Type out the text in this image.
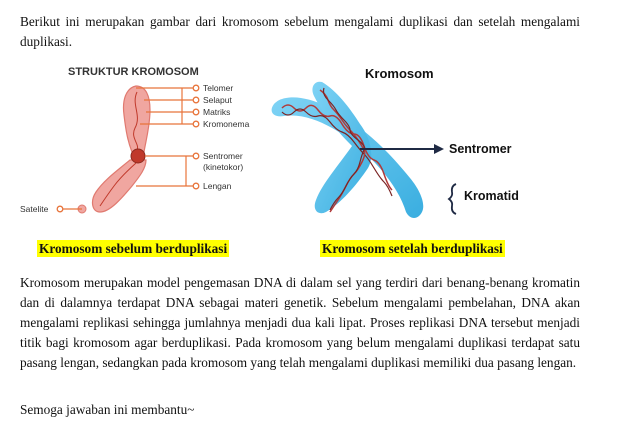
Berikut ini merupakan gambar dari kromosom sebelum mengalami duplikasi dan setelah mengalami duplikasi.

STRUKTUR KROMOSOM
Telomer
Selaput
Matriks
Kromonema
Sentromer
(kinetokor)
Lengan
Satelite
Kromosom
Sentromer
Kromatid
Kromosom sebelum berduplikasi	Kromosom setelah berduplikasi

Kromosom merupakan model pengemasan DNA di dalam sel yang terdiri dari benang-benang kromatin dan di dalamnya terdapat DNA sebagai materi genetik. Sebelum mengalami pembelahan, DNA akan mengalami replikasi sehingga jumlahnya menjadi dua kali lipat. Proses replikasi DNA tersebut menjadi titik bagi kromosom agar berduplikasi. Pada kromosom yang belum mengalami duplikasi terdapat satu pasang lengan, sedangkan pada kromosom yang telah mengalami duplikasi memiliki dua pasang lengan.

Semoga jawaban ini membantu~
